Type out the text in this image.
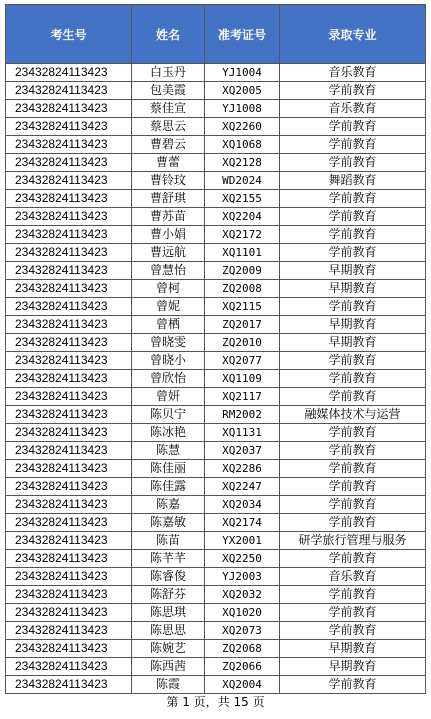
考生号	姓名	准考证号	录取专业
23432824113423	白玉丹	YJ1004	音乐教育
23432824113423	包美霞	XQ2005	学前教育
23432824113423	蔡佳宣	YJ1008	音乐教育
23432824113423	蔡思云	XQ2260	学前教育
23432824113423	曹碧云	XQ1068	学前教育
23432824113423	曹蕾	XQ2128	学前教育
23432824113423	曹铃玟	WD2024	舞蹈教育
23432824113423	曹舒琪	XQ2155	学前教育
23432824113423	曹苏苗	XQ2204	学前教育
23432824113423	曹小娟	XQ2172	学前教育
23432824113423	曹远航	XQ1101	学前教育
23432824113423	曾慧怡	ZQ2009	早期教育
23432824113423	曾柯	ZQ2008	早期教育
23432824113423	曾妮	XQ2115	学前教育
23432824113423	曾栖	ZQ2017	早期教育
23432824113423	曾晓雯	ZQ2010	早期教育
23432824113423	曾晓小	XQ2077	学前教育
23432824113423	曾欣怡	XQ1109	学前教育
23432824113423	曾妍	XQ2117	学前教育
23432824113423	陈贝宁	RM2002	融媒体技术与运营
23432824113423	陈冰艳	XQ1131	学前教育
23432824113423	陈慧	XQ2037	学前教育
23432824113423	陈佳丽	XQ2286	学前教育
23432824113423	陈佳露	XQ2247	学前教育
23432824113423	陈嘉	XQ2034	学前教育
23432824113423	陈嘉敏	XQ2174	学前教育
23432824113423	陈苗	YX2001	研学旅行管理与服务
23432824113423	陈芊芊	XQ2250	学前教育
23432824113423	陈睿俊	YJ2003	音乐教育
23432824113423	陈舒芬	XQ2032	学前教育
23432824113423	陈思琪	XQ1020	学前教育
23432824113423	陈思思	XQ2073	学前教育
23432824113423	陈婉艺	ZQ2068	早期教育
23432824113423	陈西茜	ZQ2066	早期教育
23432824113423	陈霞	XQ2004	学前教育
第 1 页，共 15 页
